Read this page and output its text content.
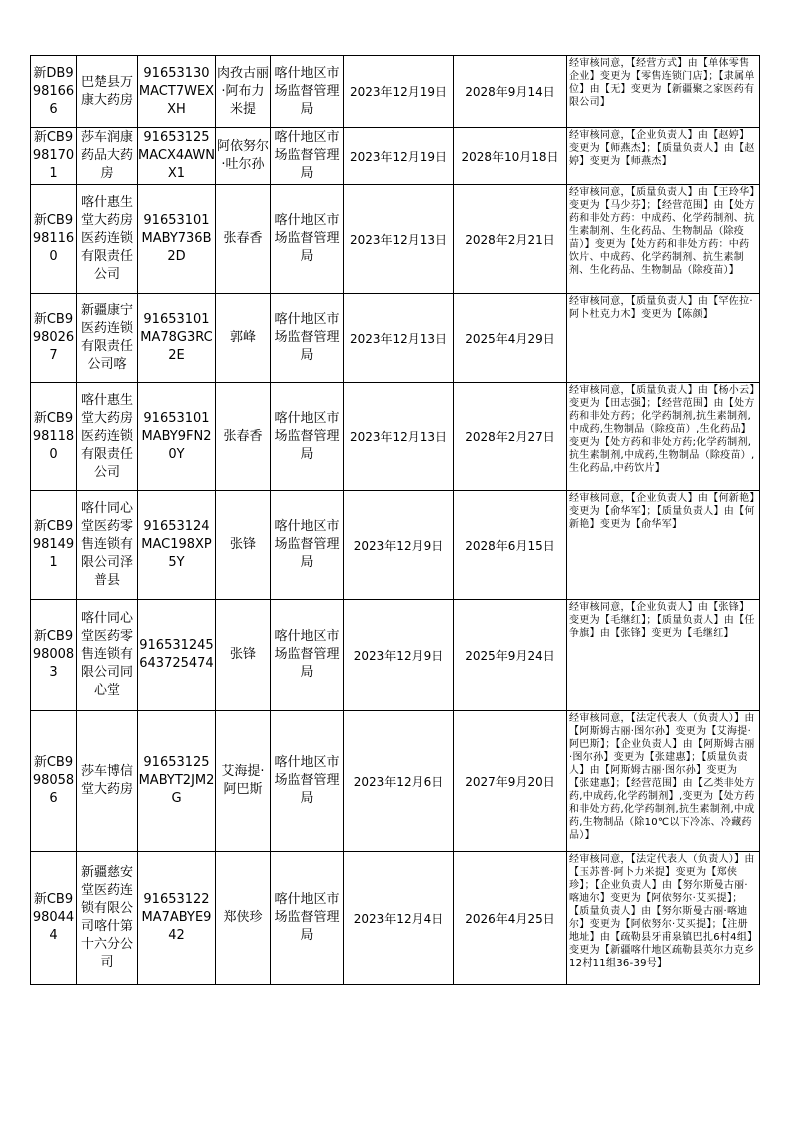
新DB9981666	巴楚县万康大药房	91653130MACT7WEXXH	肉孜古丽·阿布力米提	喀什地区市场监督管理局	2023年12月19日	2028年9月14日	经审核同意，【经营方式】由【单体零售企业】变更为【零售连锁门店】；【隶属单位】由【无】变更为【新疆聚之家医药有限公司】

新CB9981701	莎车润康药品大药房	91653125MACX4AWNX1	阿依努尔·吐尔孙	喀什地区市场监督管理局	2023年12月19日	2028年10月18日	经审核同意，【企业负责人】由【赵婷】变更为【师燕杰】；【质量负责人】由【赵婷】变更为【师燕杰】

新CB9981160	喀什惠生堂大药房医药连锁有限责任公司	91653101MABY736B2D	张春香	喀什地区市场监督管理局	2023年12月13日	2028年2月21日	经审核同意，【质量负责人】由【王玲华】变更为【马少芬】；【经营范围】由【处方药和非处方药：中成药、化学药制剂、抗生素制剂、生化药品、生物制品（除疫苗）】变更为【处方药和非处方药：中药饮片、中成药、化学药制剂、抗生素制剂、生化药品、生物制品（除疫苗）】

新CB9980267	新疆康宁医药连锁有限责任公司喀	91653101MA78G3RC2E	郭峰	喀什地区市场监督管理局	2023年12月13日	2025年4月29日	经审核同意，【质量负责人】由【罕佐拉·阿卜杜克力木】变更为【陈颜】

新CB9981180	喀什惠生堂大药房医药连锁有限责任公司	91653101MABY9FN20Y	张春香	喀什地区市场监督管理局	2023年12月13日	2028年2月27日	经审核同意，【质量负责人】由【杨小云】变更为【田志强】；【经营范围】由【处方药和非处方药；化学药制剂,抗生素制剂,中成药,生物制品（除疫苗）,生化药品】变更为【处方药和非处方药;化学药制剂,抗生素制剂,中成药,生物制品（除疫苗）,生化药品,中药饮片】

新CB9981491	喀什同心堂医药零售连锁有限公司泽普县	91653124MAC198XP5Y	张锋	喀什地区市场监督管理局	2023年12月9日	2028年6月15日	经审核同意，【企业负责人】由【何新艳】变更为【俞华军】；【质量负责人】由【何新艳】变更为【俞华军】

新CB9980083	喀什同心堂医药零售连锁有限公司同心堂	916531245643725474	张锋	喀什地区市场监督管理局	2023年12月9日	2025年9月24日	经审核同意，【企业负责人】由【张锋】变更为【毛继红】；【质量负责人】由【任争旗】由【张锋】变更为【毛继红】

新CB9980586	莎车博信堂大药房	91653125MABYT2JM2G	艾海提·阿巴斯	喀什地区市场监督管理局	2023年12月6日	2027年9月20日	经审核同意，【法定代表人（负责人）】由【阿斯姆古丽·图尔孙】变更为【艾海提·阿巴斯】；【企业负责人】由【阿斯姆古丽·图尔孙】变更为【张建惠】；【质量负责人】由【阿斯姆古丽·图尔孙】变更为【张建惠】；【经营范围】由【乙类非处方药,中成药,化学药制剂】,变更为【处方药和非处方药,化学药制剂,抗生素制剂,中成药,生物制品（除10℃以下冷冻、冷藏药品）】

新CB9980444	新疆慈安堂医药连锁有限公司喀什第十六分公司	91653122MA7ABYE942	郑侠珍	喀什地区市场监督管理局	2023年12月4日	2026年4月25日	经审核同意，【法定代表人（负责人）】由【玉苏普·阿卜力米提】变更为【郑侠珍】；【企业负责人】由【努尔斯曼古丽·喀迪尔】变更为【阿依努尔·艾买提】；【质量负责人】由【努尔斯曼古丽·喀迪尔】变更为【阿依努尔·艾买提】；【注册地址】由【疏勒县牙甫泉镇巴扎6村4组】变更为【新疆喀什地区疏勒县英尔力克乡12村11组36-39号】
